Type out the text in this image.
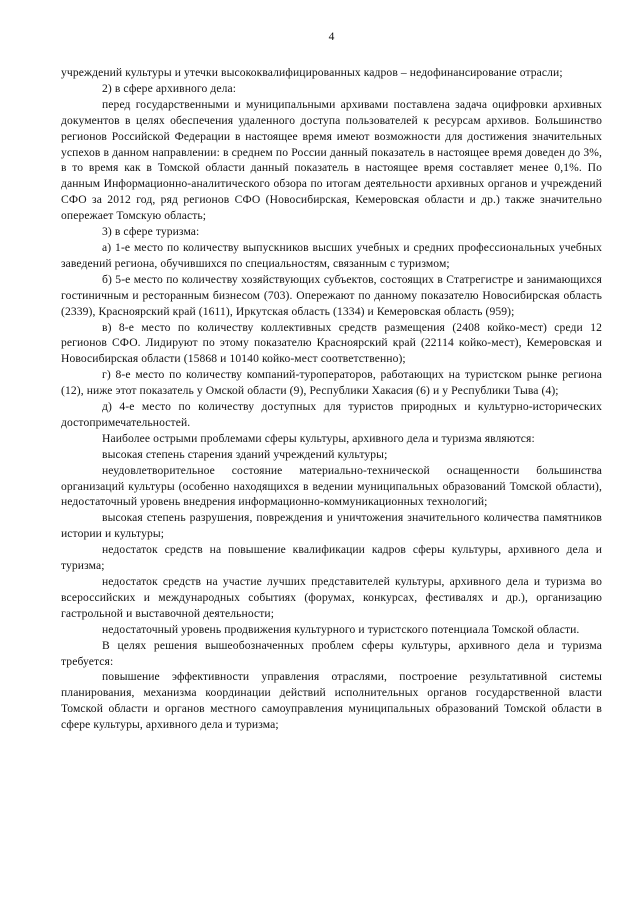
4

учреждений культуры и утечки высококвалифицированных кадров – недофинансирование отрасли;

2) в сфере архивного дела:

перед государственными и муниципальными архивами поставлена задача оцифровки архивных документов в целях обеспечения удаленного доступа пользователей к ресурсам архивов. Большинство регионов Российской Федерации в настоящее время имеют возможности для достижения значительных успехов в данном направлении: в среднем по России данный показатель в настоящее время доведен до 3%, в то время как в Томской области данный показатель в настоящее время составляет менее 0,1%. По данным Информационно-аналитического обзора по итогам деятельности архивных органов и учреждений СФО за 2012 год, ряд регионов СФО (Новосибирская, Кемеровская области и др.) также значительно опережает Томскую область;

3) в сфере туризма:

а) 1-е место по количеству выпускников высших учебных и средних профессиональных учебных заведений региона, обучившихся по специальностям, связанным с туризмом;

б) 5-е место по количеству хозяйствующих субъектов, состоящих в Статрегистре и занимающихся гостиничным и ресторанным бизнесом (703). Опережают по данному показателю Новосибирская область (2339), Красноярский край (1611), Иркутская область (1334) и Кемеровская область (959);

в) 8-е место по количеству коллективных средств размещения (2408 койко-мест) среди 12 регионов СФО. Лидируют по этому показателю Красноярский край (22114 койко-мест), Кемеровская и Новосибирская области (15868 и 10140 койко-мест соответственно);

г) 8-е место по количеству компаний-туроператоров, работающих на туристском рынке региона (12), ниже этот показатель у Омской области (9), Республики Хакасия (6) и у Республики Тыва (4);

д) 4-е место по количеству доступных для туристов природных и культурно-исторических достопримечательностей.

Наиболее острыми проблемами сферы культуры, архивного дела и туризма являются:

высокая степень старения зданий учреждений культуры;

неудовлетворительное состояние материально-технической оснащенности большинства организаций культуры (особенно находящихся в ведении муниципальных образований Томской области), недостаточный уровень внедрения информационно-коммуникационных технологий;

высокая степень разрушения, повреждения и уничтожения значительного количества памятников истории и культуры;

недостаток средств на повышение квалификации кадров сферы культуры, архивного дела и туризма;

недостаток средств на участие лучших представителей культуры, архивного дела и туризма во всероссийских и международных событиях (форумах, конкурсах, фестивалях и др.), организацию гастрольной и выставочной деятельности;

недостаточный уровень продвижения культурного и туристского потенциала Томской области.

В целях решения вышеобозначенных проблем сферы культуры, архивного дела и туризма требуется:

повышение эффективности управления отраслями, построение результативной системы планирования, механизма координации действий исполнительных органов государственной власти Томской области и органов местного самоуправления муниципальных образований Томской области в сфере культуры, архивного дела и туризма;
